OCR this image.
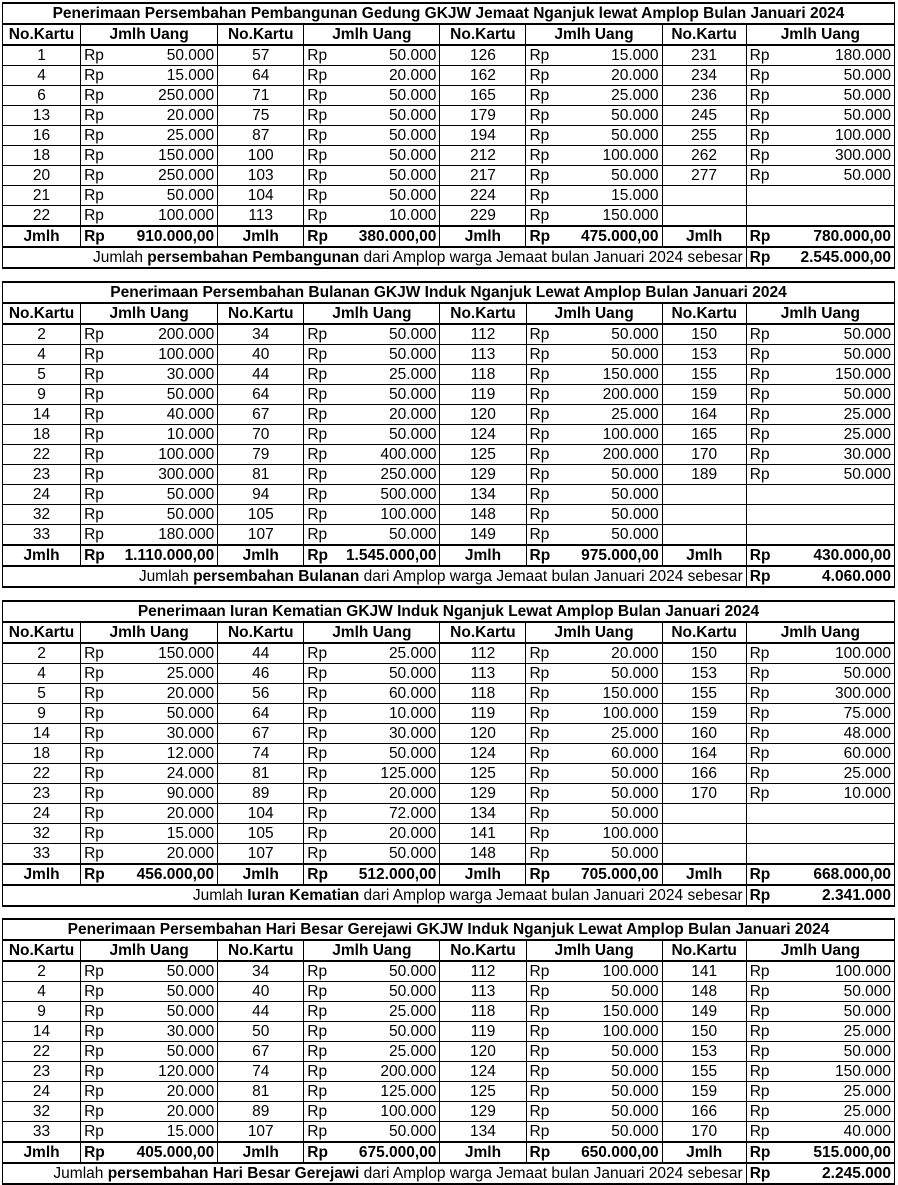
Penerimaan Persembahan Pembangunan Gedung GKJW Jemaat Nganjuk lewat Amplop Bulan Januari 2024											
No.Kartu	Jmlh Uang		No.Kartu	Jmlh Uang		No.Kartu	Jmlh Uang		No.Kartu	Jmlh Uang	
1	Rp	50.000	57	Rp	50.000	126	Rp	15.000	231	Rp	180.000
4	Rp	15.000	64	Rp	20.000	162	Rp	20.000	234	Rp	50.000
6	Rp	250.000	71	Rp	50.000	165	Rp	25.000	236	Rp	50.000
13	Rp	20.000	75	Rp	50.000	179	Rp	50.000	245	Rp	50.000
16	Rp	25.000	87	Rp	50.000	194	Rp	50.000	255	Rp	100.000
18	Rp	150.000	100	Rp	50.000	212	Rp	100.000	262	Rp	300.000
20	Rp	250.000	103	Rp	50.000	217	Rp	50.000	277	Rp	50.000
21	Rp	50.000	104	Rp	50.000	224	Rp	15.000			
22	Rp	100.000	113	Rp	10.000	229	Rp	150.000			
Jmlh	Rp	910.000,00	Jmlh	Rp	380.000,00	Jmlh	Rp	475.000,00	Jmlh	Rp	780.000,00
Jumlah persembahan Pembangunan dari Amplop warga Jemaat bulan Januari 2024 sebesar										Rp	2.545.000,00
Penerimaan Persembahan Bulanan GKJW Induk Nganjuk Lewat Amplop Bulan Januari 2024											
No.Kartu	Jmlh Uang		No.Kartu	Jmlh Uang		No.Kartu	Jmlh Uang		No.Kartu	Jmlh Uang	
2	Rp	200.000	34	Rp	50.000	112	Rp	50.000	150	Rp	50.000
4	Rp	100.000	40	Rp	50.000	113	Rp	50.000	153	Rp	50.000
5	Rp	30.000	44	Rp	25.000	118	Rp	150.000	155	Rp	150.000
9	Rp	50.000	64	Rp	50.000	119	Rp	200.000	159	Rp	50.000
14	Rp	40.000	67	Rp	20.000	120	Rp	25.000	164	Rp	25.000
18	Rp	10.000	70	Rp	50.000	124	Rp	100.000	165	Rp	25.000
22	Rp	100.000	79	Rp	400.000	125	Rp	200.000	170	Rp	30.000
23	Rp	300.000	81	Rp	250.000	129	Rp	50.000	189	Rp	50.000
24	Rp	50.000	94	Rp	500.000	134	Rp	50.000			
32	Rp	50.000	105	Rp	100.000	148	Rp	50.000			
33	Rp	180.000	107	Rp	50.000	149	Rp	50.000			
Jmlh	Rp	1.110.000,00	Jmlh	Rp	1.545.000,00	Jmlh	Rp	975.000,00	Jmlh	Rp	430.000,00
Jumlah persembahan Bulanan dari Amplop warga Jemaat bulan Januari 2024 sebesar										Rp	4.060.000
Penerimaan Iuran Kematian GKJW Induk Nganjuk Lewat Amplop Bulan Januari 2024											
No.Kartu	Jmlh Uang		No.Kartu	Jmlh Uang		No.Kartu	Jmlh Uang		No.Kartu	Jmlh Uang	
2	Rp	150.000	44	Rp	25.000	112	Rp	20.000	150	Rp	100.000
4	Rp	25.000	46	Rp	50.000	113	Rp	50.000	153	Rp	50.000
5	Rp	20.000	56	Rp	60.000	118	Rp	150.000	155	Rp	300.000
9	Rp	50.000	64	Rp	10.000	119	Rp	100.000	159	Rp	75.000
14	Rp	30.000	67	Rp	30.000	120	Rp	25.000	160	Rp	48.000
18	Rp	12.000	74	Rp	50.000	124	Rp	60.000	164	Rp	60.000
22	Rp	24.000	81	Rp	125.000	125	Rp	50.000	166	Rp	25.000
23	Rp	90.000	89	Rp	20.000	129	Rp	50.000	170	Rp	10.000
24	Rp	20.000	104	Rp	72.000	134	Rp	50.000			
32	Rp	15.000	105	Rp	20.000	141	Rp	100.000			
33	Rp	20.000	107	Rp	50.000	148	Rp	50.000			
Jmlh	Rp	456.000,00	Jmlh	Rp	512.000,00	Jmlh	Rp	705.000,00	Jmlh	Rp	668.000,00
Jumlah Iuran Kematian dari Amplop warga Jemaat bulan Januari 2024 sebesar										Rp	2.341.000
Penerimaan Persembahan Hari Besar Gerejawi GKJW Induk Nganjuk Lewat Amplop Bulan Januari 2024											
No.Kartu	Jmlh Uang		No.Kartu	Jmlh Uang		No.Kartu	Jmlh Uang		No.Kartu	Jmlh Uang	
2	Rp	50.000	34	Rp	50.000	112	Rp	100.000	141	Rp	100.000
4	Rp	50.000	40	Rp	50.000	113	Rp	50.000	148	Rp	50.000
9	Rp	50.000	44	Rp	25.000	118	Rp	150.000	149	Rp	50.000
14	Rp	30.000	50	Rp	50.000	119	Rp	100.000	150	Rp	25.000
22	Rp	50.000	67	Rp	25.000	120	Rp	50.000	153	Rp	50.000
23	Rp	120.000	74	Rp	200.000	124	Rp	50.000	155	Rp	150.000
24	Rp	20.000	81	Rp	125.000	125	Rp	50.000	159	Rp	25.000
32	Rp	20.000	89	Rp	100.000	129	Rp	50.000	166	Rp	25.000
33	Rp	15.000	107	Rp	50.000	134	Rp	50.000	170	Rp	40.000
Jmlh	Rp	405.000,00	Jmlh	Rp	675.000,00	Jmlh	Rp	650.000,00	Jmlh	Rp	515.000,00
Jumlah persembahan Hari Besar Gerejawi dari Amplop warga Jemaat bulan Januari 2024 sebesar										Rp	2.245.000
